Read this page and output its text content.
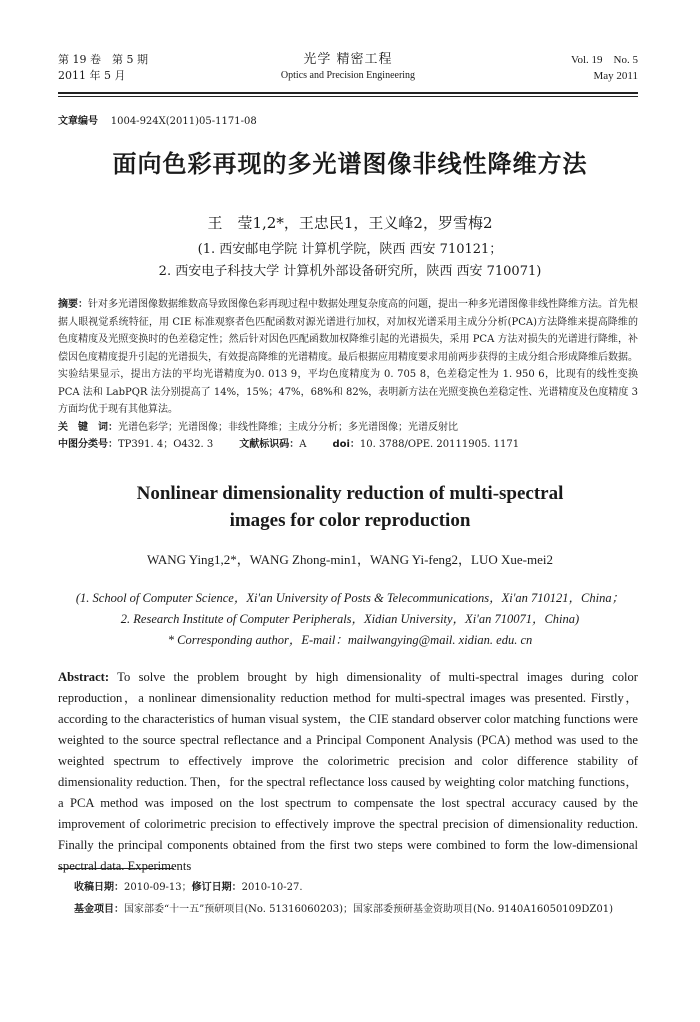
第 19 卷　第 5 期
2011 年 5 月
光学 精密工程
Optics and Precision Engineering
Vol. 19　No. 5
May 2011
文章编号 1004-924X(2011)05-1171-08
面向色彩再现的多光谱图像非线性降维方法
王　莹1,2*，王忠民1，王义峰2，罗雪梅2
(1. 西安邮电学院 计算机学院，陕西 西安 710121；
2. 西安电子科技大学 计算机外部设备研究所，陕西 西安 710071)
摘要：针对多光谱图像数据维数高导致图像色彩再现过程中数据处理复杂度高的问题，提出一种多光谱图像非线性降维方法。首先根据人眼视觉系统特征，用 CIE 标准观察者色匹配函数对源光谱进行加权，对加权光谱采用主成分分析(PCA)方法降维来提高降维的色度精度及光照变换时的色差稳定性；然后针对因色匹配函数加权降维引起的光谱损失，采用 PCA 方法对损失的光谱进行降维，补偿因色度精度提升引起的光谱损失，有效提高降维的光谱精度。最后根据应用精度要求用前两步获得的主成分组合形成降维后数据。实验结果显示，提出方法的平均光谱精度为0. 013 9，平均色度精度为 0. 705 8，色差稳定性为 1. 950 6，比现有的线性变换 PCA 法和 LabPQR 法分别提高了 14%，15%；47%，68%和 82%，表明新方法在光照变换色差稳定性、光谱精度及色度精度 3 方面均优于现有其他算法。
关　键　词：光谱色彩学；光谱图像；非线性降维；主成分分析；多光谱图像；光谱反射比
中图分类号：TP391. 4；O432. 3	文献标识码：A	doi：10. 3788/OPE. 20111905. 1171
Nonlinear dimensionality reduction of multi-spectral
images for color reproduction
WANG Ying1,2*，WANG Zhong-min1，WANG Yi-feng2，LUO Xue-mei2
(1. School of Computer Science，Xi'an University of Posts & Telecommunications，Xi'an 710121，China；
2. Research Institute of Computer Peripherals，Xidian University，Xi'an 710071，China)
* Corresponding author，E-mail：mailwangying@mail. xidian. edu. cn
Abstract: To solve the problem brought by high dimensionality of multi-spectral images during color reproduction，a nonlinear dimensionality reduction method for multi-spectral images was presented. Firstly，according to the characteristics of human visual system，the CIE standard observer color matching functions were weighted to the source spectral reflectance and a Principal Component Analysis (PCA) method was used to the weighted spectrum to effectively improve the colorimetric precision and color difference stability of dimensionality reduction. Then，for the spectral reflectance loss caused by weighting color matching functions，a PCA method was imposed on the lost spectrum to compensate the lost spectral accuracy caused by the improvement of colorimetric precision to effectively improve the spectral precision of dimensionality reduction. Finally the principal components obtained from the first two steps were combined to form the low-dimensional spectral data. Experiments
收稿日期：2010-09-13；修订日期：2010-10-27.
基金项目：国家部委“十一五”预研项目(No. 51316060203)；国家部委预研基金资助项目(No. 9140A16050109DZ01)
